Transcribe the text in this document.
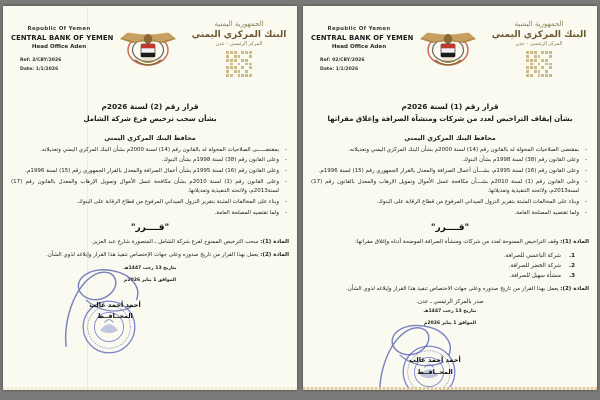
Republic Of Yemen
CENTRAL BANK OF YEMEN
Head Office Aden
Ref: 3/CBY/2026
Date: 1/1/2026
الجمهورية اليمنية
البنك المركزي اليمني
المركز الرئيسي - عدن
قرار رقم (2) لسنة 2026م
بشأن سحب ترخيص فرع شركة الشامل
محافظ البنك المركزي اليمني
- بمقتضـــــى الصلاحيات المخولة له بالقانون رقم (14) لسنة 2000م بشأن البنك المركزي اليمني وتعديلاته.
- وعلى القانون رقم (38) لسنة 1998م بشأن البنوك.
- وعلى القانون رقم (16) لسنة 1995م بشأن أعمال الصرافة والمعدل بالقرار الجمهوري رقم (15) لسنة 1996م.
- وعلى القانون رقم (1) لسنة 2010م بشأن مكافحة غسل الأموال وتمويل الإرهاب والمعدل بالقانون رقم (17) لسنة2013م، ولائحته التنفيذية وتعديلاتها.
- وبناء على المخالفات المثبتة بتقرير النزول الميداني المرفوع من قطاع الرقابة على البنوك.
- ولما تقتضيه المصلحة العامة.
"قــــرر"
المادة (1): سحب الترخيص الممنوح لفرع شركة الشامل ـ المنصورة شارع عبد العزيز.
المادة (2): يعمل بهذا القرار من تاريخ صدوره وعلى جهات الإختصاص تنفيذ هذا القرار وإبلاغه لذوي الشأن.
بتاريخ 13 رجب 1447هـ
الموافق 1 يناير 2026م
أحمد أحمد غالب
المحــافــظ
Republic Of Yemen
CENTRAL BANK OF YEMEN
Head Office Aden
Ref: 02/CBY/2026
Date: 1/1/2026
الجمهورية اليمنية
البنك المركزي اليمني
المركز الرئيسي - عدن
قرار رقم (1) لسنة 2026م
بشأن إيقاف التراخيص لعدد من شركات ومنشآة الصرافة وإغلاق مقراتها
محافظ البنك المركزي اليمني
- بمقتضى الصلاحيات المخولة له بالقانون رقم (14) لسنة 2000م بشأن البنك المركزي اليمني وتعديلاته.
- وعلى القانون رقم (38) لسنة 1998م بشأن البنوك.
- وعلى القانون رقم (16) لسنة 1995م، بشـــأن أعمال الصرافة والمعدل بالقرار الجمهوري رقم (15) لسنة 1996م.
- وعلى القانون رقم (1) لسنة 2010م بشـــأن مكافحة غسل الأموال وتمويل الإرهاب والمعدل بالقانون رقم (17) لسنة2013م، ولائحته التنفيذية وتعديلاتها.
- وبناء على المخالفات المثبتة بتقرير النزول الميداني المرفوع من قطاع الرقابة على البنوك.
- ولما تقتضيه المصلحة العامة.
"قــــرر"
المادة (1): وقف التراخيص الممنوحة لعدد من شركات ومنشأة الصرافة الموضحة أدناه وإغلاق مقراتها:
1.
شركة الباعسي للصرافة.
2.
شركة الخضر للصرافة.
3.
منشأة سهيل للصرافة.
المادة (2): يعمل بهذا القرار من تاريخ صدوره وعلى جهات الاختصاص تنفيذ هذا القرار وإبلاغه لذوي الشأن.
صدر بالمركز الرئيسي ـ عدن.
بتاريخ 13 رجب 1447هـ
الموافق 1 يناير 2026م
أحمد أحمد غالب
المحــافــظ
